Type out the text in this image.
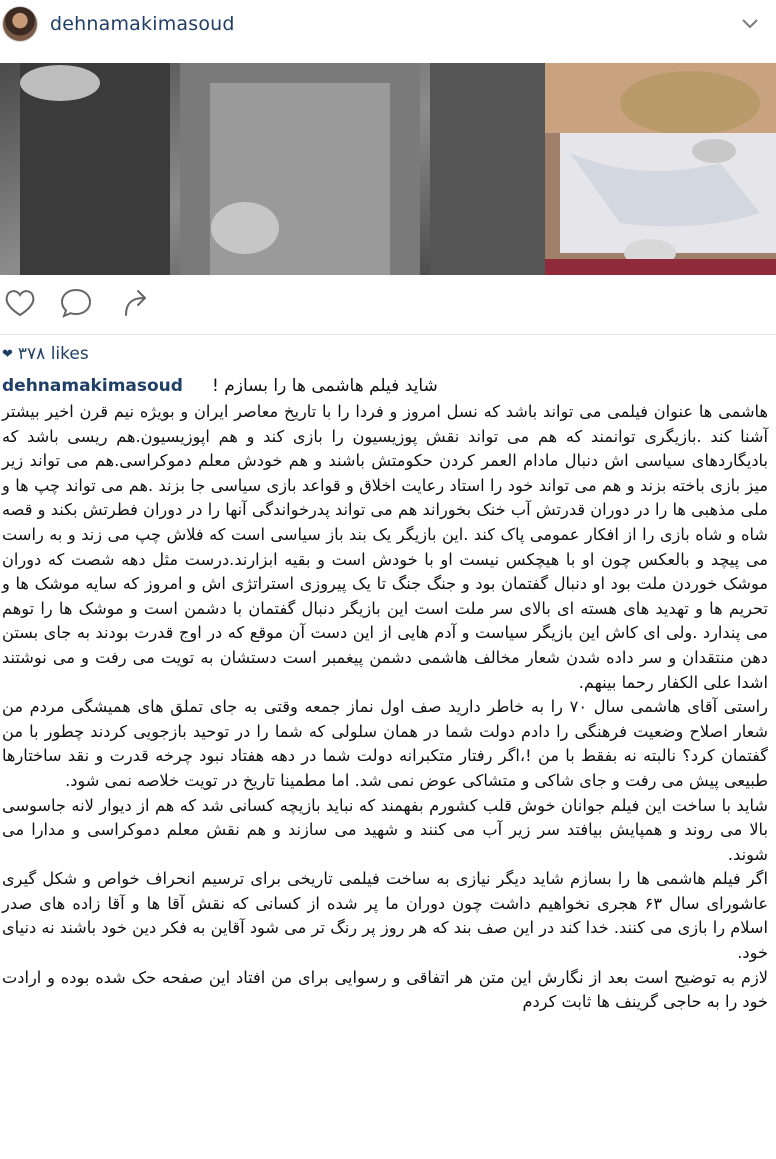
dehnamakimasoud
❤ ۳۷۸ likes
dehnamakimasoud شاید فیلم هاشمی ها را بسازم !

هاشمی ها عنوان فیلمی می تواند باشد که نسل امروز و فردا را با تاریخ معاصر ایران و بویژه نیم قرن اخیر بیشتر آشنا کند .بازیگری توانمند که هم می تواند نقش پوزیسیون را بازی کند و هم اپوزیسیون.هم ریسی باشد که بادیگاردهای سیاسی اش دنبال مادام العمر کردن حکومتش باشند و هم خودش معلم دموکراسی.هم می تواند زیر میز بازی باخته بزند و هم می تواند خود را استاد رعایت اخلاق و قواعد بازی سیاسی جا بزند .هم می تواند چپ ها و ملی مذهبی ها را در دوران قدرتش آب خنک بخوراند هم می تواند پدرخواندگی آنها را در دوران فطرتش بکند و قصه شاه و شاه بازی را از افکار عمومی پاک کند .این بازیگر یک بند باز سیاسی است که فلاش چپ می زند و به راست می پیچد و بالعکس چون او با هیچکس نیست او با خودش است و بقیه ابزارند.درست مثل دهه شصت که دوران موشک خوردن ملت بود او دنبال گفتمان بود و جنگ جنگ تا یک پیروزی استراتژی اش و امروز که سایه موشک ها و تحریم ها و تهدید های هسته ای بالای سر ملت است این بازیگر دنبال گفتمان با دشمن است و موشک ها را توهم می پندارد .ولی ای کاش این بازیگر سیاست و آدم هایی از این دست آن موقع که در اوج قدرت بودند به جای بستن دهن منتقدان و سر داده شدن شعار مخالف هاشمی دشمن پیغمبر است دستشان به تویت می رفت و می نوشتند اشدا علی الکفار رحما بینهم.

راستی آقای هاشمی سال ۷۰ را به خاطر دارید صف اول نماز جمعه وقتی به جای تملق های همیشگی مردم من شعار اصلاح وضعیت فرهنگی را دادم دولت شما در همان سلولی که شما را در توحید بازجویی کردند چطور با من گفتمان کرد؟ نالبته نه بفقط با من !،اگر رفتار متکبرانه دولت شما در دهه هفتاد نبود چرخه قدرت و نقد ساختارها طبیعی پیش می رفت و جای شاکی و متشاکی عوض نمی شد. اما مطمینا تاریخ در تویت خلاصه نمی شود.

شاید با ساخت این فیلم جوانان خوش قلب کشورم بفهمند که نباید بازیچه کسانی شد که هم از دیوار لانه جاسوسی بالا می روند و همپایش بیافتد سر زیر آب می کنند و شهید می سازند و هم نقش معلم دموکراسی و مدارا می شوند.

اگر فیلم هاشمی ها را بسازم شاید دیگر نیازی به ساخت فیلمی تاریخی برای ترسیم انحراف خواص و شکل گیری عاشورای سال ۶۳ هجری نخواهیم داشت چون دوران ما پر شده از کسانی که نقش آقا ها و آقا زاده های صدر اسلام را بازی می کنند. خدا کند در این صف بند که هر روز پر رنگ تر می شود آقاین به فکر دین خود باشند نه دنیای خود.

لازم به توضیح است بعد از نگارش این متن هر اتفاقی و رسوایی برای من افتاد این صفحه حک شده بوده و ارادت خود را به حاجی گرینف ها ثابت کردم
